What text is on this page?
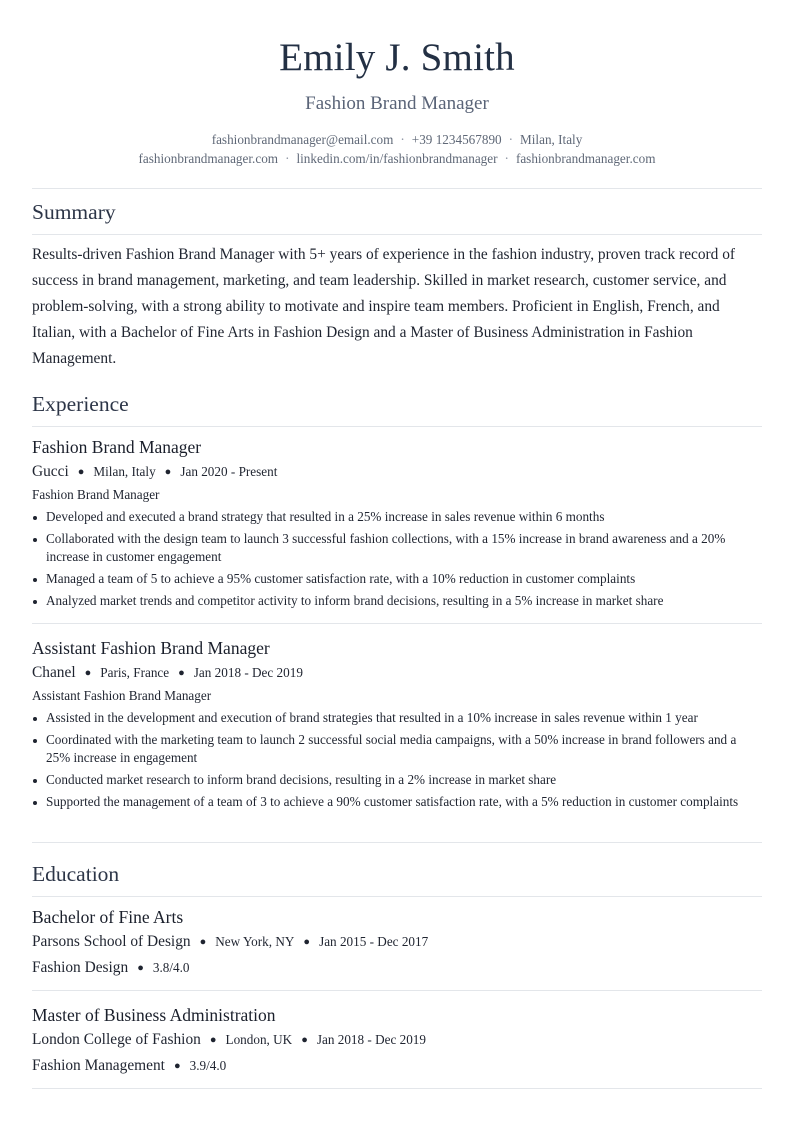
Emily J. Smith
Fashion Brand Manager
fashionbrandmanager@email.com · +39 1234567890 · Milan, Italy
fashionbrandmanager.com · linkedin.com/in/fashionbrandmanager · fashionbrandmanager.com
Summary
Results-driven Fashion Brand Manager with 5+ years of experience in the fashion industry, proven track record of success in brand management, marketing, and team leadership. Skilled in market research, customer service, and problem-solving, with a strong ability to motivate and inspire team members. Proficient in English, French, and Italian, with a Bachelor of Fine Arts in Fashion Design and a Master of Business Administration in Fashion Management.
Experience
Fashion Brand Manager
Gucci ● Milan, Italy ● Jan 2020 - Present
Fashion Brand Manager
Developed and executed a brand strategy that resulted in a 25% increase in sales revenue within 6 months
Collaborated with the design team to launch 3 successful fashion collections, with a 15% increase in brand awareness and a 20% increase in customer engagement
Managed a team of 5 to achieve a 95% customer satisfaction rate, with a 10% reduction in customer complaints
Analyzed market trends and competitor activity to inform brand decisions, resulting in a 5% increase in market share
Assistant Fashion Brand Manager
Chanel ● Paris, France ● Jan 2018 - Dec 2019
Assistant Fashion Brand Manager
Assisted in the development and execution of brand strategies that resulted in a 10% increase in sales revenue within 1 year
Coordinated with the marketing team to launch 2 successful social media campaigns, with a 50% increase in brand followers and a 25% increase in engagement
Conducted market research to inform brand decisions, resulting in a 2% increase in market share
Supported the management of a team of 3 to achieve a 90% customer satisfaction rate, with a 5% reduction in customer complaints
Education
Bachelor of Fine Arts
Parsons School of Design ● New York, NY ● Jan 2015 - Dec 2017
Fashion Design ● 3.8/4.0
Master of Business Administration
London College of Fashion ● London, UK ● Jan 2018 - Dec 2019
Fashion Management ● 3.9/4.0
